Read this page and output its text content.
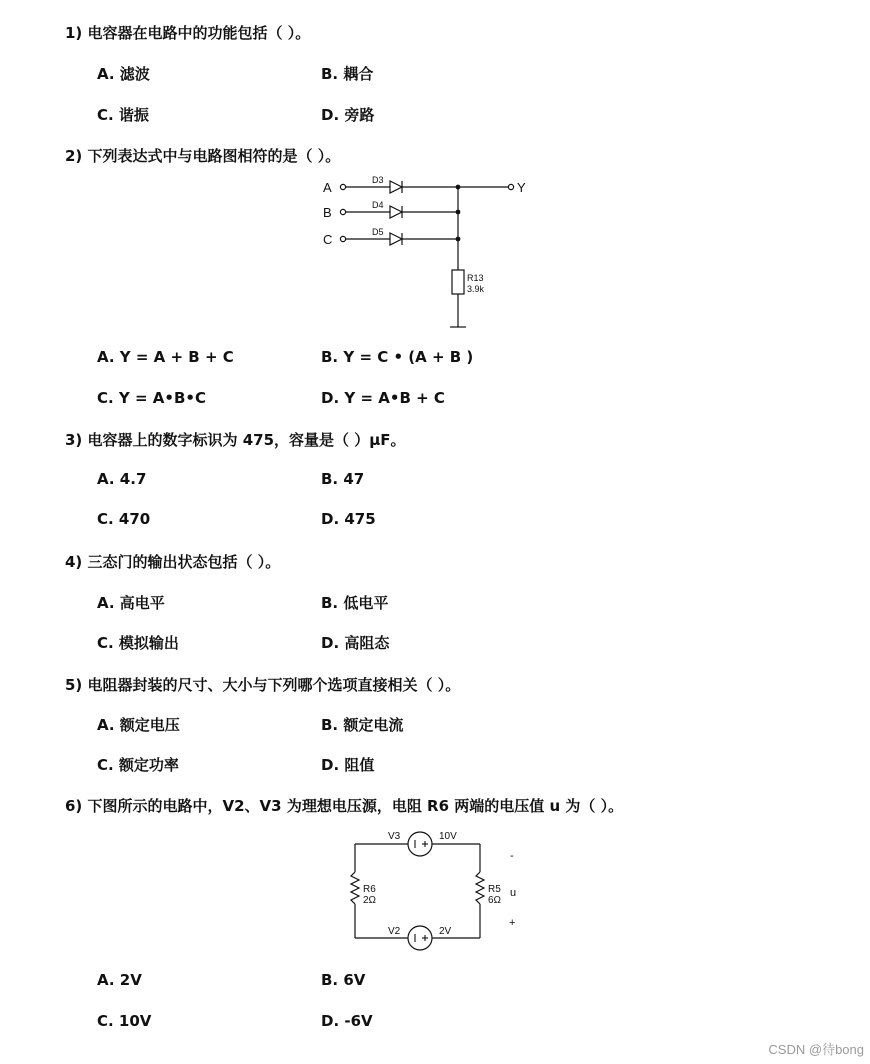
1) 电容器在电路中的功能包括（ ）。
A. 滤波	B. 耦合
C. 谐振	D. 旁路
2) 下列表达式中与电路图相符的是（ ）。
A
B
C
Y
D3
D4
D5
R13
3.9k
A. Y = A + B + C	B. Y = C • (A + B )
C. Y = A•B•C	D. Y = A•B + C
3) 电容器上的数字标识为 475，容量是（ ）μF。
A. 4.7	B. 47
C. 470	D. 475
4) 三态门的输出状态包括（ ）。
A. 高电平	B. 低电平
C. 模拟输出	D. 高阻态
5) 电阻器封装的尺寸、大小与下列哪个选项直接相关（ ）。
A. 额定电压	B. 额定电流
C. 额定功率	D. 阻值
6) 下图所示的电路中，V2、V3 为理想电压源，电阻 R6 两端的电压值 u 为（ ）。
V3	10V
V2	2V
R6
2Ω
R5
6Ω
-
u
+
A. 2V	B. 6V
C. 10V	D. -6V
CSDN @待bong
